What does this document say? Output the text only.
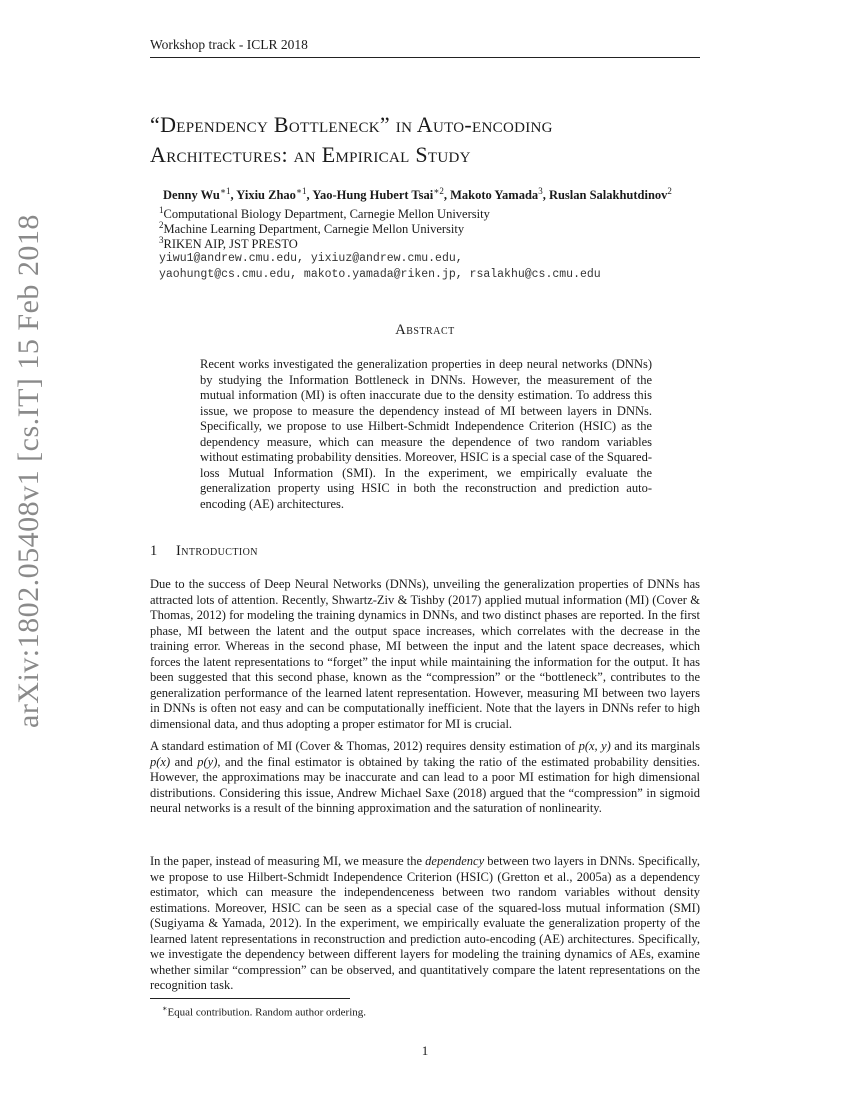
arXiv:1802.05408v1 [cs.IT] 15 Feb 2018
Workshop track - ICLR 2018
“Dependency Bottleneck” in Auto-encoding
Architectures: an Empirical Study
Denny $Wu^{∗1}$, Yixiu Zhao$^{∗1}$, Yao-Hung Hubert Tsai$^{∗2}$, Makoto Yamada$^3$, Ruslan Salakhutdinov$^2$
$^1$Computational Biology Department, Carnegie Mellon University
$^2$Machine Learning Department, Carnegie Mellon University
$^3$RIKEN AIP, JST PRESTO
yiwu1@andrew.cmu.edu, yixiuz@andrew.cmu.edu,
yaohungt@cs.cmu.edu, makoto.yamada@riken.jp, rsalakhu@cs.cmu.edu
Abstract
Recent works investigated the generalization properties in deep neural networks (DNNs) by studying the Information Bottleneck in DNNs. However, the measurement of the mutual information (MI) is often inaccurate due to the density estimation. To address this issue, we propose to measure the dependency instead of MI between layers in DNNs. Specifically, we propose to use Hilbert-Schmidt Independence Criterion (HSIC) as the dependency measure, which can measure the dependence of two random variables without estimating probability densities. Moreover, HSIC is a special case of the Squared-loss Mutual Information (SMI). In the experiment, we empirically evaluate the generalization property using HSIC in both the reconstruction and prediction auto-encoding (AE) architectures.
1 Introduction
Due to the success of Deep Neural Networks (DNNs), unveiling the generalization properties of DNNs has attracted lots of attention. Recently, Shwartz-Ziv & Tishby (2017) applied mutual information (MI) (Cover & Thomas, 2012) for modeling the training dynamics in DNNs, and two distinct phases are reported. In the first phase, MI between the latent and the output space increases, which correlates with the decrease in the training error. Whereas in the second phase, MI between the input and the latent space decreases, which forces the latent representations to “forget” the input while maintaining the information for the output. It has been suggested that this second phase, known as the “compression” or the “bottleneck”, contributes to the generalization performance of the learned latent representation. However, measuring MI between two layers in DNNs is often not easy and can be computationally inefficient. Note that the layers in DNNs refer to high dimensional data, and thus adopting a proper estimator for MI is crucial.
A standard estimation of MI (Cover & Thomas, 2012) requires density estimation of p(x, y) and its marginals p(x) and p(y), and the final estimator is obtained by taking the ratio of the estimated probability densities. However, the approximations may be inaccurate and can lead to a poor MI estimation for high dimensional distributions. Considering this issue, Andrew Michael Saxe (2018) argued that the “compression” in sigmoid neural networks is a result of the binning approximation and the saturation of nonlinearity.
In the paper, instead of measuring MI, we measure the dependency between two layers in DNNs. Specifically, we propose to use Hilbert-Schmidt Independence Criterion (HSIC) (Gretton et al., 2005a) as a dependency estimator, which can measure the independenceness between two random variables without density estimations. Moreover, HSIC can be seen as a special case of the squared-loss mutual information (SMI) (Sugiyama & Yamada, 2012). In the experiment, we empirically evaluate the generalization property of the learned latent representations in reconstruction and prediction auto-encoding (AE) architectures. Specifically, we investigate the dependency between different layers for modeling the training dynamics of AEs, examine whether similar “compression” can be observed, and quantitatively compare the latent representations on the recognition task.
∗Equal contribution. Random author ordering.
1
